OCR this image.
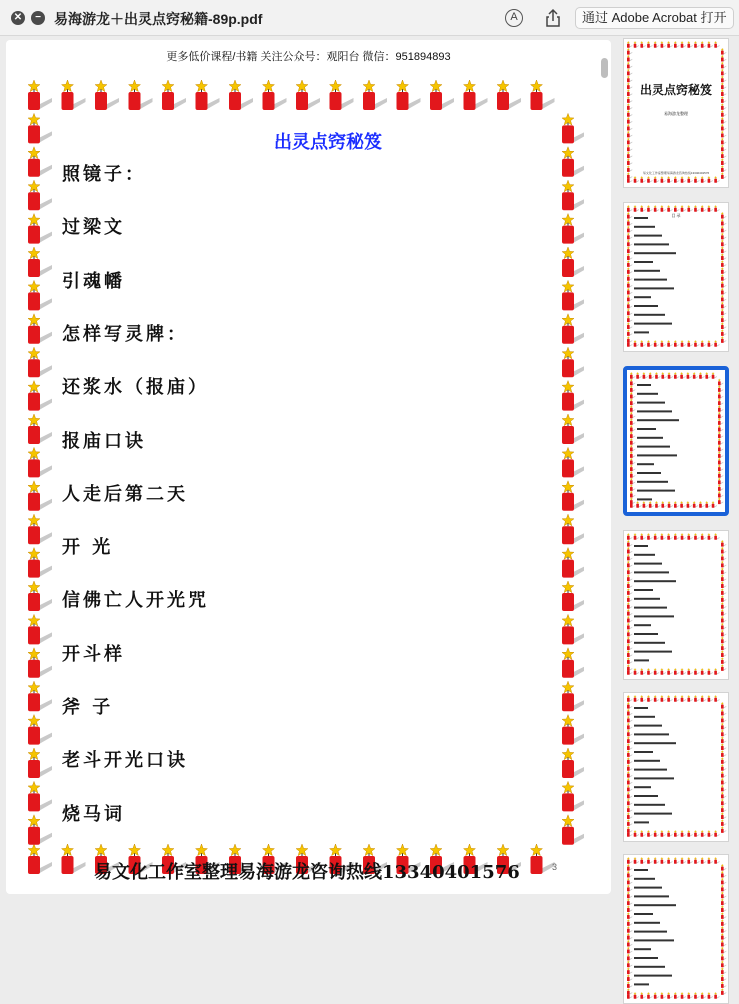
✕	− 易海游龙＋出灵点窍秘籍-89p.pdf	A	通过 Adobe Acrobat 打开
更多低价课程/书籍 关注公众号：观阳台 微信：951894893
出灵点窍秘笈
照镜子：
过梁文
引魂幡
怎样写灵牌：
还浆水（报庙）
报庙口诀
人走后第二天
开 光
信佛亡人开光咒
开斗样
斧 子
老斗开光口诀
烧马词
易文化工作室整理易海游龙咨询热线13340401576	3
出灵点窍秘笈
易海游龙整理
易文化工作室整理易海游龙咨询热线13340401576
目 录
